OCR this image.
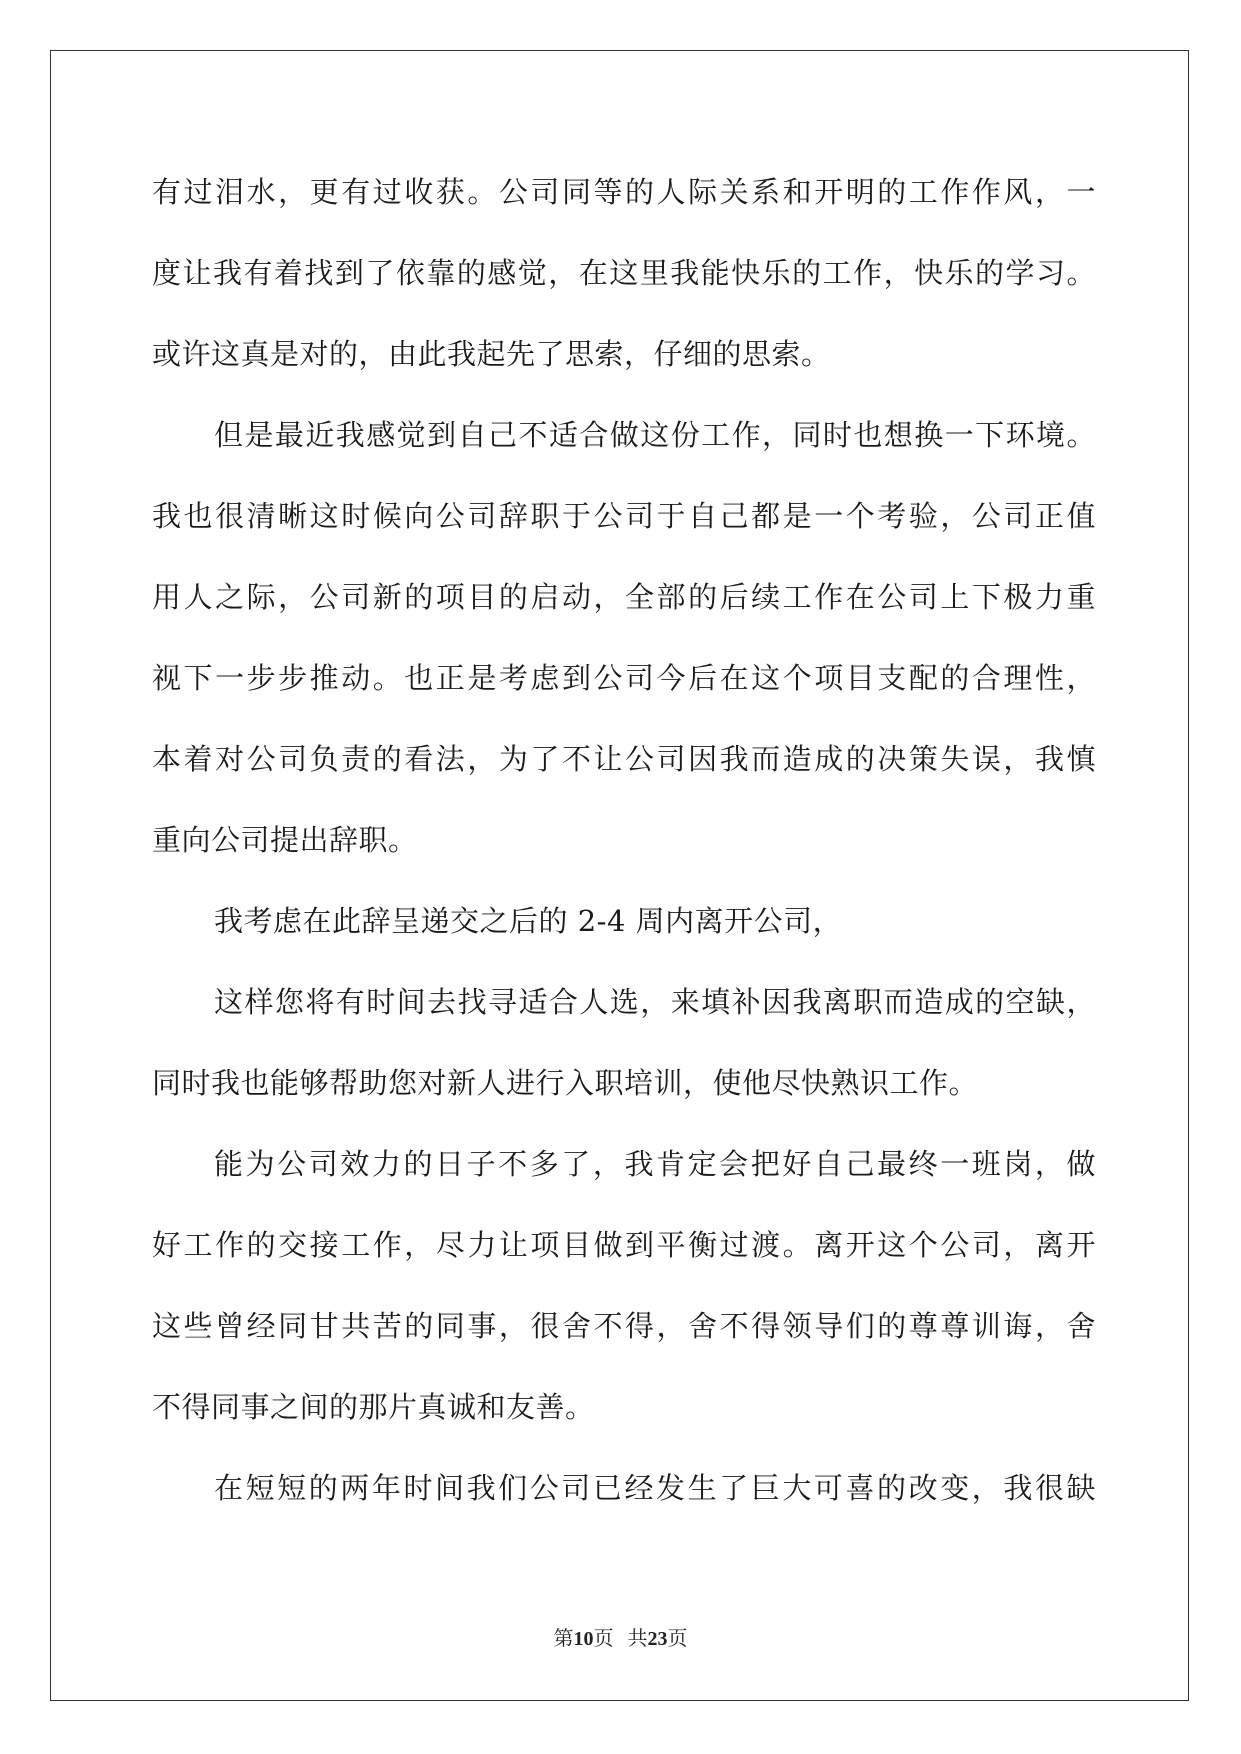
有过泪水，更有过收获。公司同等的人际关系和开明的工作作风，一
度让我有着找到了依靠的感觉，在这里我能快乐的工作，快乐的学习。
或许这真是对的，由此我起先了思索，仔细的思索。
但是最近我感觉到自己不适合做这份工作，同时也想换一下环境。
我也很清晰这时候向公司辞职于公司于自己都是一个考验，公司正值
用人之际，公司新的项目的启动，全部的后续工作在公司上下极力重
视下一步步推动。也正是考虑到公司今后在这个项目支配的合理性，
本着对公司负责的看法，为了不让公司因我而造成的决策失误，我慎
重向公司提出辞职。
我考虑在此辞呈递交之后的 2-4 周内离开公司，
这样您将有时间去找寻适合人选，来填补因我离职而造成的空缺，
同时我也能够帮助您对新人进行入职培训，使他尽快熟识工作。
能为公司效力的日子不多了，我肯定会把好自己最终一班岗，做
好工作的交接工作，尽力让项目做到平衡过渡。离开这个公司，离开
这些曾经同甘共苦的同事，很舍不得，舍不得领导们的尊尊训诲，舍
不得同事之间的那片真诚和友善。
在短短的两年时间我们公司已经发生了巨大可喜的改变，我很缺
第10页 共23页
